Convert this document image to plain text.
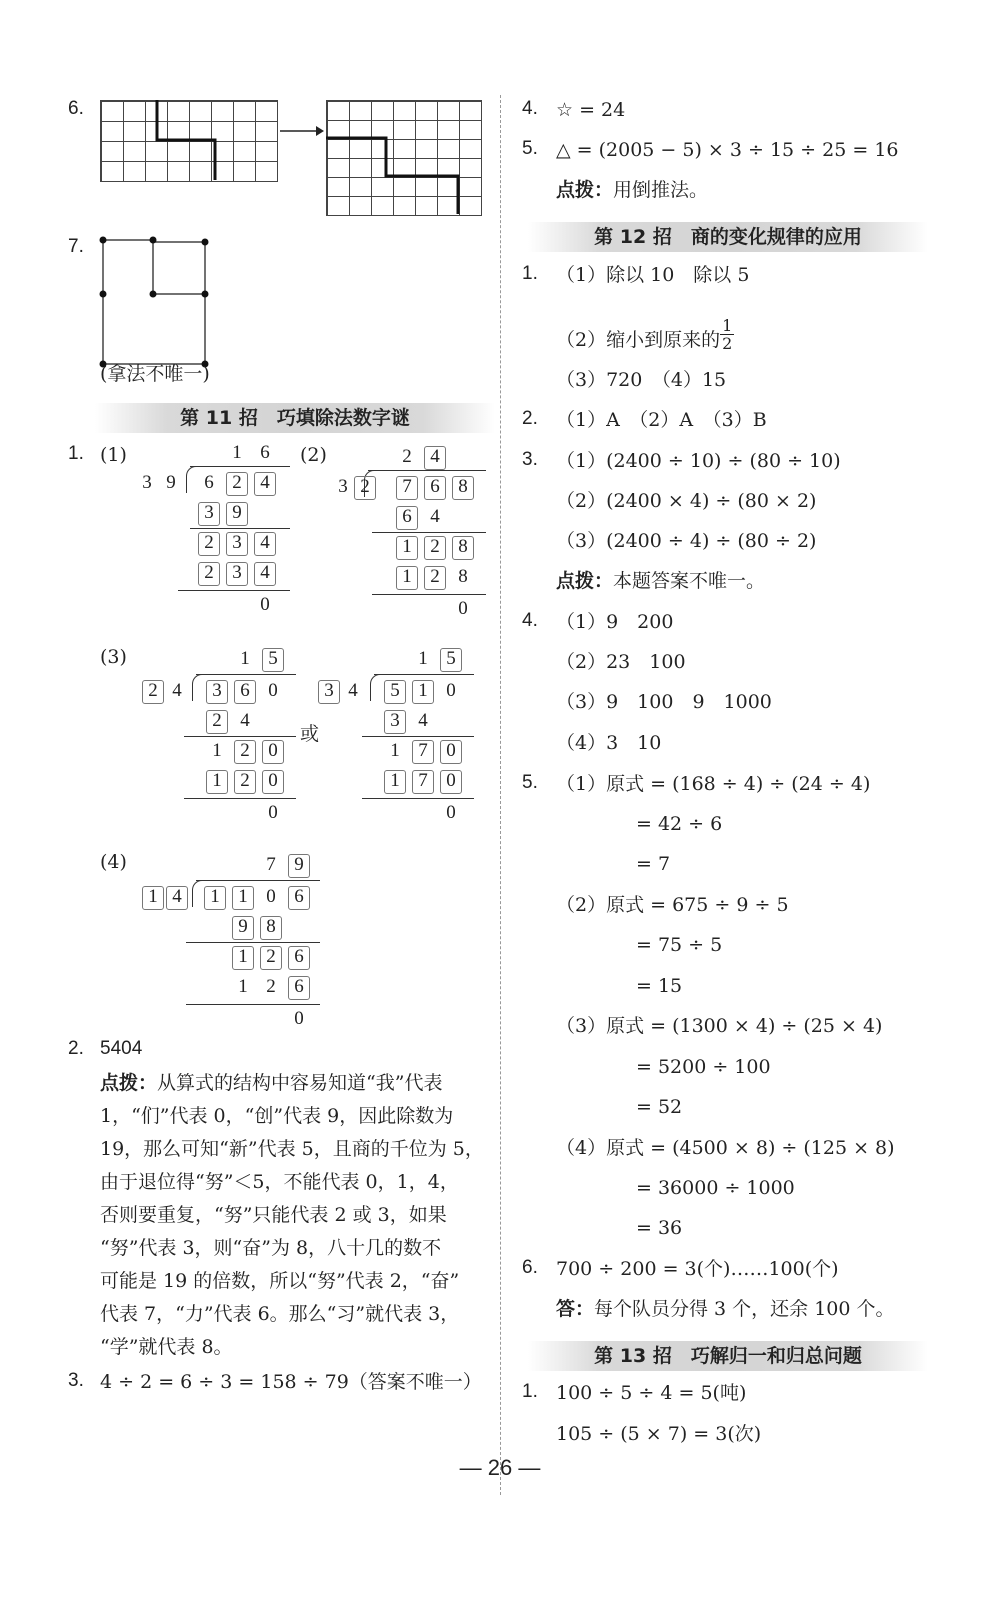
6.
7.
(拿法不唯一)
第 11 招　巧填除法数字谜
1. (1)	(2)
(3)
或
(4)
1 6
3 9	6 2 4
3 9
2 3 4
2 3 4
0
4
2
3 2	7 6 8
6 4
1 2 8
1 2 8
0
1 5
2 4	3 6 0
2 4
1 2 0
1 2 0
0
1 5
3 4	5 1 0
3 4
1 7 0
1 7 0
0
7 9
1 4	1 1 0 6
9 8
1 2 6
1 2 6
0
2. 5404
点拨：从算式的结构中容易知道“我”代表
1，“们”代表 0，“创”代表 9，因此除数为
19，那么可知“新”代表 5，且商的千位为 5，
由于退位得“努”＜5，不能代表 0，1，4，
否则要重复，“努”只能代表 2 或 3，如果
“努”代表 3，则“奋”为 8，八十几的数不
可能是 19 的倍数，所以“努”代表 2，“奋”
代表 7，“力”代表 6。那么“习”就代表 3，
“学”就代表 8。
3. 4 ÷ 2 = 6 ÷ 3 = 158 ÷ 79（答案不唯一）
4. ☆ = 24
5. △ = (2005 − 5) × 3 ÷ 15 ÷ 25 = 16
点拨：用倒推法。
第 12 招　商的变化规律的应用
1. （1）除以 10　除以 5
（2）缩小到原来的 $\frac{1}{2}$
（3）720　（4）15
2. （1）A　（2）A　（3）B
3. （1）(2400 ÷ 10) ÷ (80 ÷ 10)
（2）(2400 × 4) ÷ (80 × 2)
（3）(2400 ÷ 4) ÷ (80 ÷ 2)
点拨：本题答案不唯一。
4. （1）9　200
（2）23　100
（3）9　100　9　1000
（4）3　10
5. （1）原式 = (168 ÷ 4) ÷ (24 ÷ 4)
= 42 ÷ 6
= 7
（2）原式 = 675 ÷ 9 ÷ 5
= 75 ÷ 5
= 15
（3）原式 = (1300 × 4) ÷ (25 × 4)
= 5200 ÷ 100
= 52
（4）原式 = (4500 × 8) ÷ (125 × 8)
= 36000 ÷ 1000
= 36
6. 700 ÷ 200 = 3(个)……100(个)
答：每个队员分得 3 个，还余 100 个。
第 13 招　巧解归一和归总问题
1. 100 ÷ 5 ÷ 4 = 5(吨)
105 ÷ (5 × 7) = 3(次)
— 26 —
